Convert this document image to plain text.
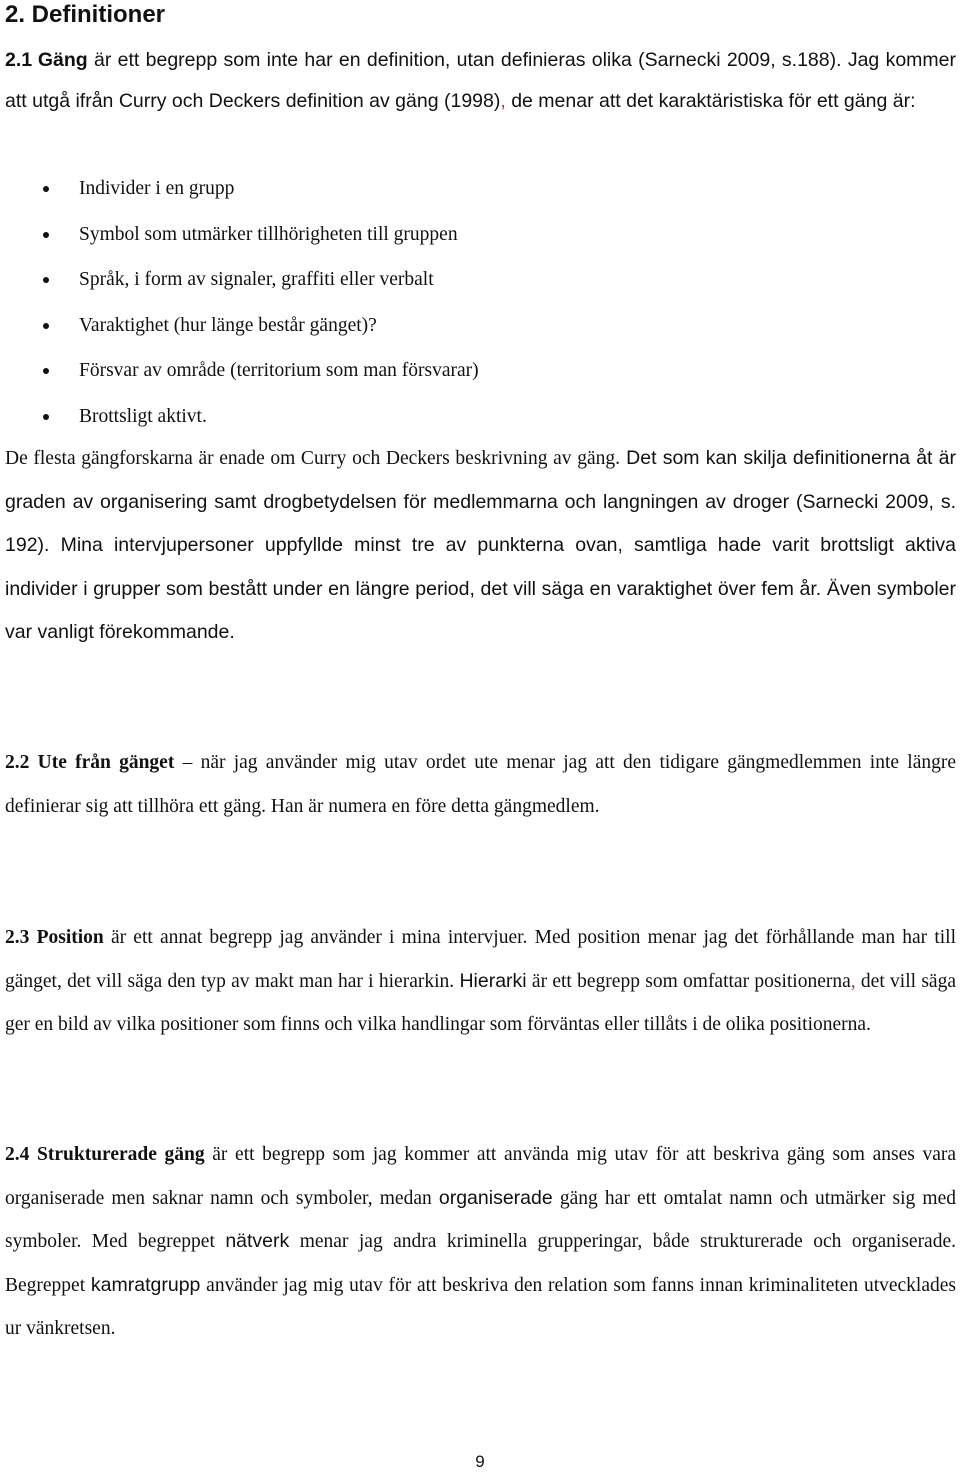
2. Definitioner
2.1 Gäng är ett begrepp som inte har en definition, utan definieras olika (Sarnecki 2009, s.188). Jag kommer att utgå ifrån Curry och Deckers definition av gäng (1998), de menar att det karaktäristiska för ett gäng är:
Individer i en grupp
Symbol som utmärker tillhörigheten till gruppen
Språk, i form av signaler, graffiti eller verbalt
Varaktighet (hur länge består gänget)?
Försvar av område (territorium som man försvarar)
Brottsligt aktivt.
De flesta gängforskarna är enade om Curry och Deckers beskrivning av gäng. Det som kan skilja definitionerna åt är graden av organisering samt drogbetydelsen för medlemmarna och langningen av droger (Sarnecki 2009, s. 192). Mina intervjupersoner uppfyllde minst tre av punkterna ovan, samtliga hade varit brottsligt aktiva individer i grupper som bestått under en längre period, det vill säga en varaktighet över fem år. Även symboler var vanligt förekommande.
2.2 Ute från gänget – när jag använder mig utav ordet ute menar jag att den tidigare gängmedlemmen inte längre definierar sig att tillhöra ett gäng. Han är numera en före detta gängmedlem.
2.3 Position är ett annat begrepp jag använder i mina intervjuer. Med position menar jag det förhållande man har till gänget, det vill säga den typ av makt man har i hierarkin. Hierarki är ett begrepp som omfattar positionerna, det vill säga ger en bild av vilka positioner som finns och vilka handlingar som förväntas eller tillåts i de olika positionerna.
2.4 Strukturerade gäng är ett begrepp som jag kommer att använda mig utav för att beskriva gäng som anses vara organiserade men saknar namn och symboler, medan organiserade gäng har ett omtalat namn och utmärker sig med symboler. Med begreppet nätverk menar jag andra kriminella grupperingar, både strukturerade och organiserade. Begreppet kamratgrupp använder jag mig utav för att beskriva den relation som fanns innan kriminaliteten utvecklades ur vänkretsen.
9
